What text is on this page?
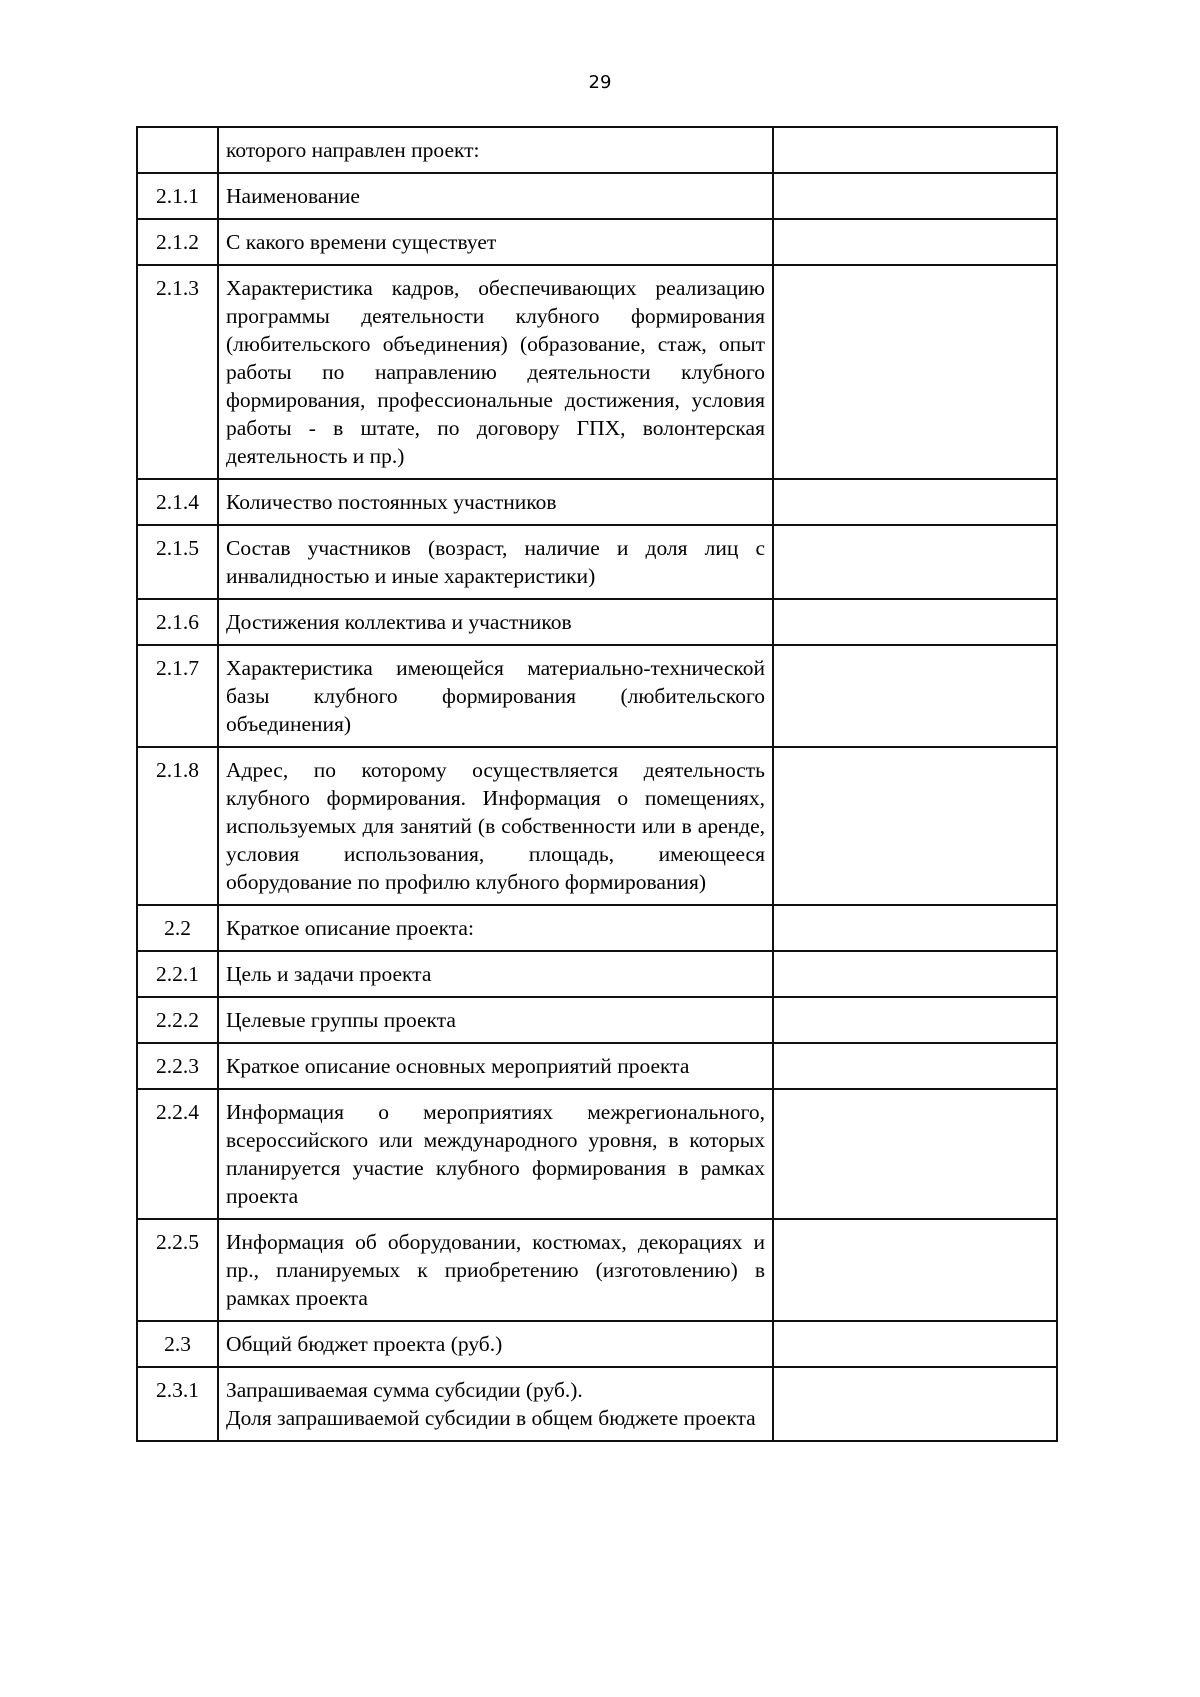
29
	которого направлен проект:	
2.1.1	Наименование	
2.1.2	С какого времени существует	
2.1.3	Характеристика кадров, обеспечивающих реализацию программы деятельности клубного формирования (любительского объединения) (образование, стаж, опыт работы по направлению деятельности клубного формирования, профессиональные достижения, условия работы - в штате, по договору ГПХ, волонтерская деятельность и пр.)	
2.1.4	Количество постоянных участников	
2.1.5	Состав участников (возраст, наличие и доля лиц с инвалидностью и иные характеристики)	
2.1.6	Достижения коллектива и участников	
2.1.7	Характеристика имеющейся материально-технической базы клубного формирования (любительского объединения)	
2.1.8	Адрес, по которому осуществляется деятельность клубного формирования. Информация о помещениях, используемых для занятий (в собственности или в аренде, условия использования, площадь, имеющееся оборудование по профилю клубного формирования)	
2.2	Краткое описание проекта:	
2.2.1	Цель и задачи проекта	
2.2.2	Целевые группы проекта	
2.2.3	Краткое описание основных мероприятий проекта	
2.2.4	Информация о мероприятиях межрегионального, всероссийского или международного уровня, в которых планируется участие клубного формирования в рамках проекта	
2.2.5	Информация об оборудовании, костюмах, декорациях и пр., планируемых к приобретению (изготовлению) в рамках проекта	
2.3	Общий бюджет проекта (руб.)	
2.3.1	Запрашиваемая сумма субсидии (руб.).
Доля запрашиваемой субсидии в общем бюджете проекта	
